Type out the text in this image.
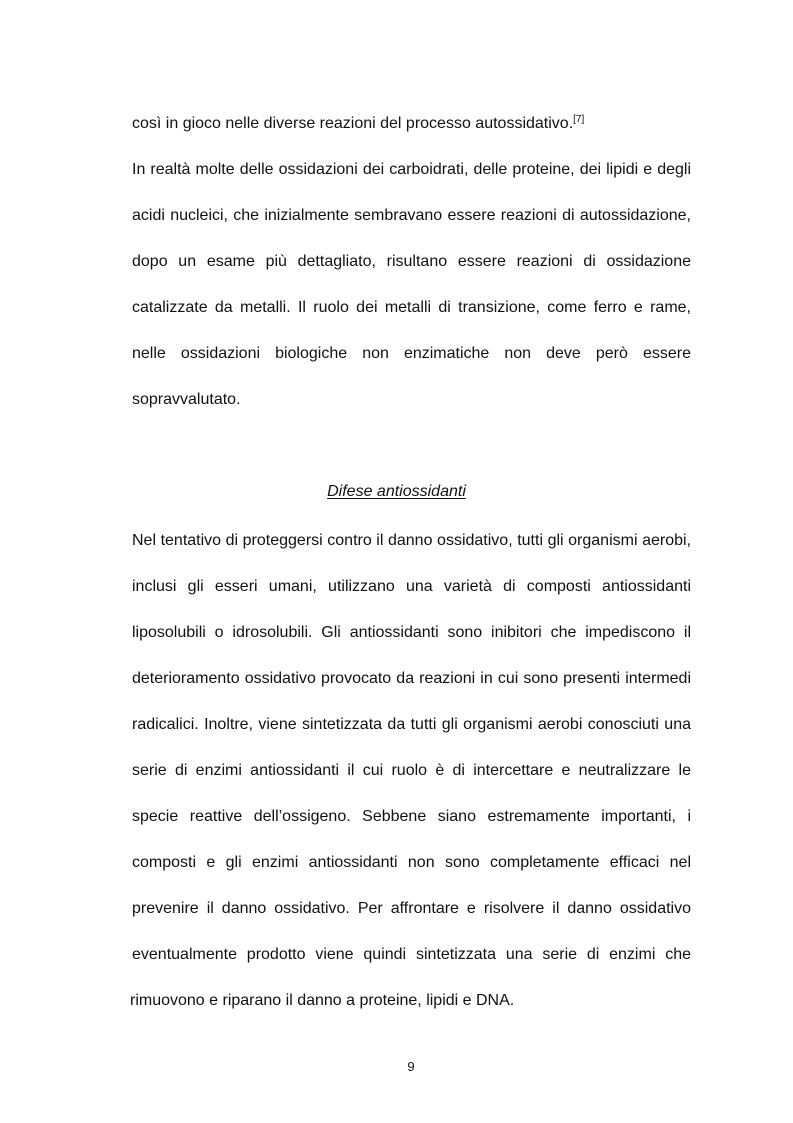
così in gioco nelle diverse reazioni del processo autossidativo.[7]
In realtà molte delle ossidazioni dei carboidrati, delle proteine, dei lipidi e degli
acidi nucleici, che inizialmente sembravano essere reazioni di autossidazione,
dopo un esame più dettagliato, risultano essere reazioni di ossidazione
catalizzate da metalli. Il ruolo dei metalli di transizione, come ferro e rame,
nelle ossidazioni biologiche non enzimatiche non deve però essere
sopravvalutato.
Difese antiossidanti
Nel tentativo di proteggersi contro il danno ossidativo, tutti gli organismi aerobi,
inclusi gli esseri umani, utilizzano una varietà di composti antiossidanti
liposolubili o idrosolubili. Gli antiossidanti sono inibitori che impediscono il
deterioramento ossidativo provocato da reazioni in cui sono presenti intermedi
radicalici. Inoltre, viene sintetizzata da tutti gli organismi aerobi conosciuti una
serie di enzimi antiossidanti il cui ruolo è di intercettare e neutralizzare le
specie reattive dell’ossigeno. Sebbene siano estremamente importanti, i
composti e gli enzimi antiossidanti non sono completamente efficaci nel
prevenire il danno ossidativo. Per affrontare e risolvere il danno ossidativo
eventualmente prodotto viene quindi sintetizzata una serie di enzimi che
rimuovono e riparano il danno a proteine, lipidi e DNA.
9
